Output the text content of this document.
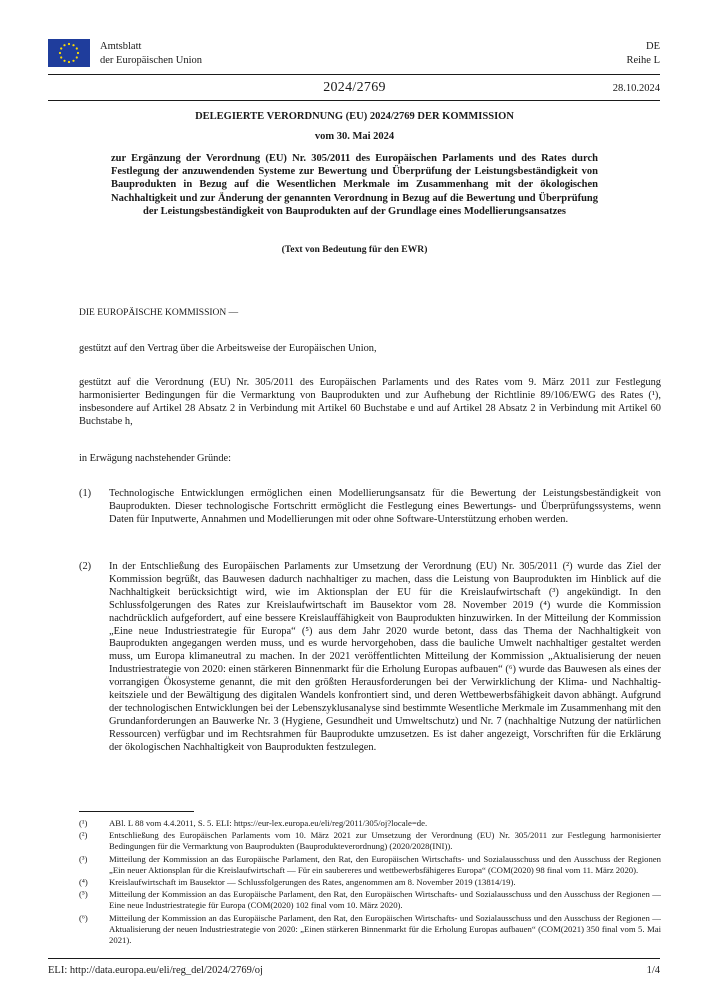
Amtsblatt
der Europäischen Union
DE
Reihe L
2024/2769	28.10.2024
DELEGIERTE VERORDNUNG (EU) 2024/2769 DER KOMMISSION
vom 30. Mai 2024
zur Ergänzung der Verordnung (EU) Nr. 305/2011 des Europäischen Parlaments und des Rates durch Festlegung der anzuwendenden Systeme zur Bewertung und Überprüfung der Leistungsbeständigkeit von Bauprodukten in Bezug auf die Wesentlichen Merkmale im Zusammenhang mit der ökologischen Nachhaltigkeit und zur Änderung der genannten Verordnung in Bezug auf die Bewertung und Überprüfung der Leistungsbeständigkeit von Bauprodukten auf der Grundlage eines Modellierungsansatzes
(Text von Bedeutung für den EWR)
DIE EUROPÄISCHE KOMMISSION —
gestützt auf den Vertrag über die Arbeitsweise der Europäischen Union,
gestützt auf die Verordnung (EU) Nr. 305/2011 des Europäischen Parlaments und des Rates vom 9. März 2011 zur Festlegung harmonisierter Bedingungen für die Vermarktung von Bauprodukten und zur Aufhebung der Richtlinie 89/106/EWG des Rates (¹), insbesondere auf Artikel 28 Absatz 2 in Verbindung mit Artikel 60 Buchstabe e und auf Artikel 28 Absatz 2 in Verbindung mit Artikel 60 Buchstabe h,
in Erwägung nachstehender Gründe:
(1)	Technologische Entwicklungen ermöglichen einen Modellierungsansatz für die Bewertung der Leistungsbeständigkeit von Bauprodukten. Dieser technologische Fortschritt ermöglicht die Festlegung eines Bewertungs- und Überprüfungssystems, wenn Daten für Inputwerte, Annahmen und Modellierungen mit oder ohne Software-Unterstützung erhoben werden.
(2)	In der Entschließung des Europäischen Parlaments zur Umsetzung der Verordnung (EU) Nr. 305/2011 (²) wurde das Ziel der Kommission begrüßt, das Bauwesen dadurch nachhaltiger zu machen, dass die Leistung von Bauprodukten im Hinblick auf die Nachhaltigkeit berücksichtigt wird, wie im Aktionsplan der EU für die Kreislaufwirtschaft (³) angekündigt. In den Schlussfolgerungen des Rates zur Kreislaufwirtschaft im Bausektor vom 28. November 2019 (⁴) wurde die Kommission nachdrücklich aufgefordert, auf eine bessere Kreislauffähigkeit von Bauprodukten hinzuwirken. In der Mitteilung der Kommission „Eine neue Industriestrategie für Europa“ (⁵) aus dem Jahr 2020 wurde betont, dass das Thema der Nachhaltigkeit von Bauprodukten angegangen werden muss, und es wurde hervorgehoben, dass die bauliche Umwelt nachhaltiger gestaltet werden muss, um Europa klimaneutral zu machen. In der 2021 veröffentlichten Mitteilung der Kommission „Aktualisierung der neuen Industriestrategie von 2020: einen stärkeren Binnenmarkt für die Erholung Europas aufbauen“ (⁶) wurde das Bauwesen als eines der vorrangigen Ökosysteme genannt, die mit den größten Herausforderungen bei der Verwirklichung der Klima- und Nachhaltigkeitsziele und der Bewältigung des digitalen Wandels konfrontiert sind, und deren Wettbewerbsfähigkeit davon abhängt. Aufgrund der technologischen Entwicklungen bei der Lebenszyklusanalyse sind bestimmte Wesentliche Merkmale im Zusammenhang mit den Grundanforderungen an Bauwerke Nr. 3 (Hygiene, Gesundheit und Umweltschutz) und Nr. 7 (nachhaltige Nutzung der natürlichen Ressourcen) verfügbar und im Rechtsrahmen für Bauprodukte umzusetzen. Es ist daher angezeigt, Vorschriften für die Erklärung der ökologischen Nachhaltigkeit von Bauprodukten festzulegen.
(¹)	ABl. L 88 vom 4.4.2011, S. 5. ELI: https://eur-lex.europa.eu/eli/reg/2011/305/oj?locale=de.
(²)	Entschließung des Europäischen Parlaments vom 10. März 2021 zur Umsetzung der Verordnung (EU) Nr. 305/2011 zur Festlegung harmonisierter Bedingungen für die Vermarktung von Bauprodukten (Bauprodukteverordnung) (2020/2028(INI)).
(³)	Mitteilung der Kommission an das Europäische Parlament, den Rat, den Europäischen Wirtschafts- und Sozialausschuss und den Ausschuss der Regionen „Ein neuer Aktionsplan für die Kreislaufwirtschaft — Für ein saubereres und wettbewerbsfähigeres Europa“ (COM(2020) 98 final vom 11. März 2020).
(⁴)	Kreislaufwirtschaft im Bausektor — Schlussfolgerungen des Rates, angenommen am 8. November 2019 (13814/19).
(⁵)	Mitteilung der Kommission an das Europäische Parlament, den Rat, den Europäischen Wirtschafts- und Sozialausschuss und den Ausschuss der Regionen — Eine neue Industriestrategie für Europa (COM(2020) 102 final vom 10. März 2020).
(⁶)	Mitteilung der Kommission an das Europäische Parlament, den Rat, den Europäischen Wirtschafts- und Sozialausschuss und den Ausschuss der Regionen — Aktualisierung der neuen Industriestrategie von 2020: „Einen stärkeren Binnenmarkt für die Erholung Europas aufbauen“ (COM(2021) 350 final vom 5. Mai 2021).
ELI: http://data.europa.eu/eli/reg_del/2024/2769/oj	1/4
